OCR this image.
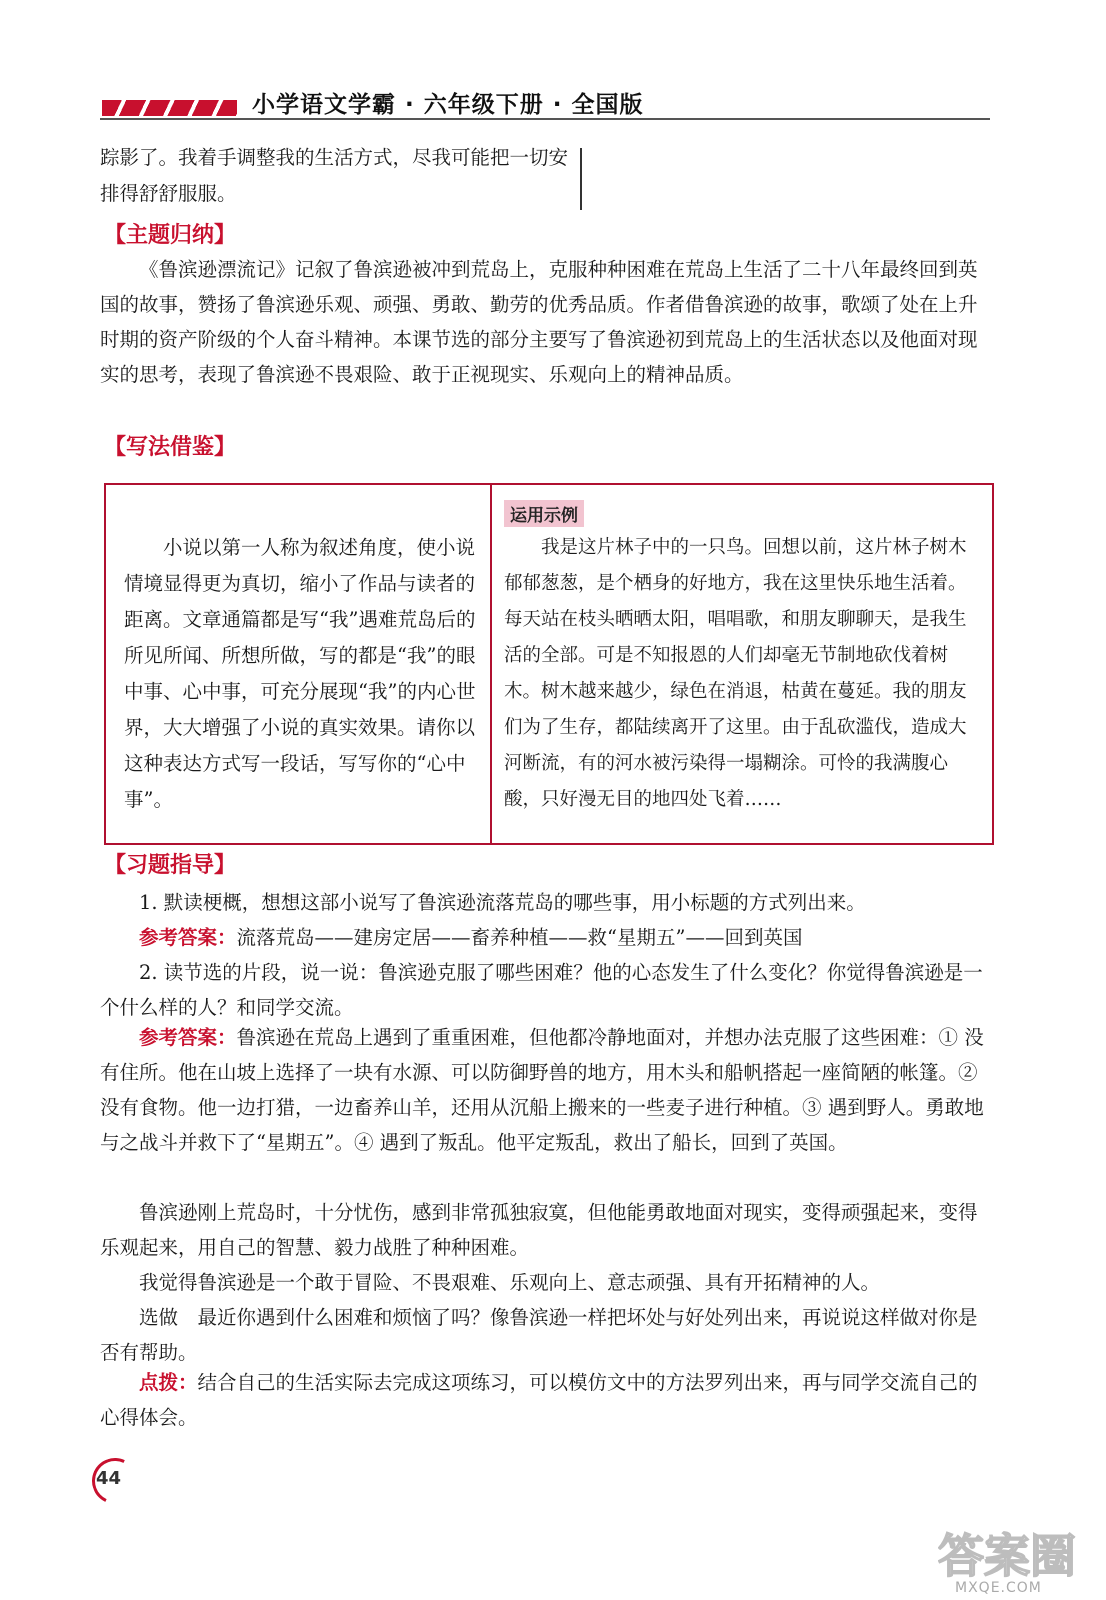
小学语文学霸 · 六年级下册 · 全国版
踪影了。我着手调整我的生活方式，尽我可能把一切安排得舒舒服服。
【主题归纳】

《鲁滨逊漂流记》记叙了鲁滨逊被冲到荒岛上，克服种种困难在荒岛上生活了二十八年最终回到英国的故事，赞扬了鲁滨逊乐观、顽强、勇敢、勤劳的优秀品质。作者借鲁滨逊的故事，歌颂了处在上升时期的资产阶级的个人奋斗精神。本课节选的部分主要写了鲁滨逊初到荒岛上的生活状态以及他面对现实的思考，表现了鲁滨逊不畏艰险、敢于正视现实、乐观向上的精神品质。

【写法借鉴】

小说以第一人称为叙述角度，使小说情境显得更为真切，缩小了作品与读者的距离。文章通篇都是写“我”遇难荒岛后的所见所闻、所想所做，写的都是“我”的眼中事、心中事，可充分展现“我”的内心世界，大大增强了小说的真实效果。请你以这种表达方式写一段话，写写你的“心中事”。

运用示例

我是这片林子中的一只鸟。回想以前，这片林子树木郁郁葱葱，是个栖身的好地方，我在这里快乐地生活着。每天站在枝头晒晒太阳，唱唱歌，和朋友聊聊天，是我生活的全部。可是不知报恩的人们却毫无节制地砍伐着树木。树木越来越少，绿色在消退，枯黄在蔓延。我的朋友们为了生存，都陆续离开了这里。由于乱砍滥伐，造成大河断流，有的河水被污染得一塌糊涂。可怜的我满腹心酸，只好漫无目的地四处飞着……

【习题指导】

1. 默读梗概，想想这部小说写了鲁滨逊流落荒岛的哪些事，用小标题的方式列出来。

参考答案：流落荒岛——建房定居——畜养种植——救“星期五”——回到英国

2. 读节选的片段，说一说：鲁滨逊克服了哪些困难？他的心态发生了什么变化？你觉得鲁滨逊是一个什么样的人？和同学交流。

参考答案：鲁滨逊在荒岛上遇到了重重困难，但他都冷静地面对，并想办法克服了这些困难：① 没有住所。他在山坡上选择了一块有水源、可以防御野兽的地方，用木头和船帆搭起一座简陋的帐篷。② 没有食物。他一边打猎，一边畜养山羊，还用从沉船上搬来的一些麦子进行种植。③ 遇到野人。勇敢地与之战斗并救下了“星期五”。④ 遇到了叛乱。他平定叛乱，救出了船长，回到了英国。

鲁滨逊刚上荒岛时，十分忧伤，感到非常孤独寂寞，但他能勇敢地面对现实，变得顽强起来，变得乐观起来，用自己的智慧、毅力战胜了种种困难。

我觉得鲁滨逊是一个敢于冒险、不畏艰难、乐观向上、意志顽强、具有开拓精神的人。

选做　最近你遇到什么困难和烦恼了吗？像鲁滨逊一样把坏处与好处列出来，再说说这样做对你是否有帮助。

点拨：结合自己的生活实际去完成这项练习，可以模仿文中的方法罗列出来，再与同学交流自己的心得体会。

44
答案圈
MXQE.COM
